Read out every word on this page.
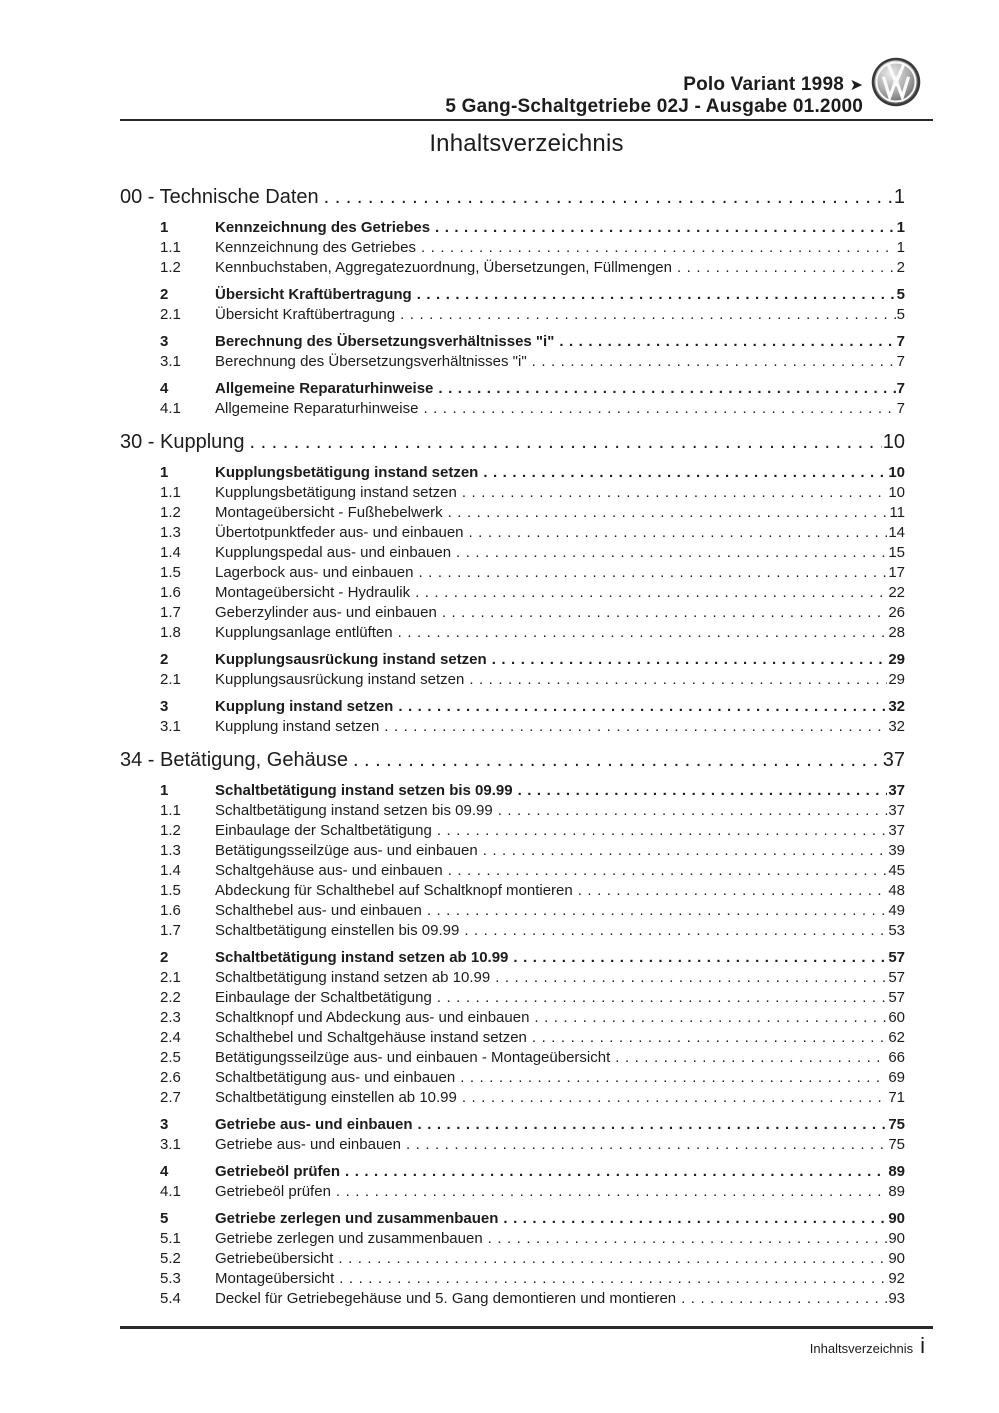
Polo Variant 1998 ➤
5 Gang-Schaltgetriebe 02J - Ausgabe 01.2000
Inhaltsverzeichnis
00 - Technische Daten .....	1
1	Kennzeichnung des Getriebes .....	1
1.1	Kennzeichnung des Getriebes .....	1
1.2	Kennbuchstaben, Aggregatezuordnung, Übersetzungen, Füllmengen .....	2
2	Übersicht Kraftübertragung .....	5
2.1	Übersicht Kraftübertragung .....	5
3	Berechnung des Übersetzungsverhältnisses "i" .....	7
3.1	Berechnung des Übersetzungsverhältnisses "i" .....	7
4	Allgemeine Reparaturhinweise .....	7
4.1	Allgemeine Reparaturhinweise .....	7
30 - Kupplung .....	10
1	Kupplungsbetätigung instand setzen .....	10
1.1	Kupplungsbetätigung instand setzen .....	10
1.2	Montageübersicht - Fußhebelwerk .....	11
1.3	Übertotpunktfeder aus- und einbauen .....	14
1.4	Kupplungspedal aus- und einbauen .....	15
1.5	Lagerbock aus- und einbauen .....	17
1.6	Montageübersicht - Hydraulik .....	22
1.7	Geberzylinder aus- und einbauen .....	26
1.8	Kupplungsanlage entlüften .....	28
2	Kupplungsausrückung instand setzen .....	29
2.1	Kupplungsausrückung instand setzen .....	29
3	Kupplung instand setzen .....	32
3.1	Kupplung instand setzen .....	32
34 - Betätigung, Gehäuse .....	37
1	Schaltbetätigung instand setzen bis 09.99 .....	37
1.1	Schaltbetätigung instand setzen bis 09.99 .....	37
1.2	Einbaulage der Schaltbetätigung .....	37
1.3	Betätigungsseilzüge aus- und einbauen .....	39
1.4	Schaltgehäuse aus- und einbauen .....	45
1.5	Abdeckung für Schalthebel auf Schaltknopf montieren .....	48
1.6	Schalthebel aus- und einbauen .....	49
1.7	Schaltbetätigung einstellen bis 09.99 .....	53
2	Schaltbetätigung instand setzen ab 10.99 .....	57
2.1	Schaltbetätigung instand setzen ab 10.99 .....	57
2.2	Einbaulage der Schaltbetätigung .....	57
2.3	Schaltknopf und Abdeckung aus- und einbauen .....	60
2.4	Schalthebel und Schaltgehäuse instand setzen .....	62
2.5	Betätigungsseilzüge aus- und einbauen - Montageübersicht .....	66
2.6	Schaltbetätigung aus- und einbauen .....	69
2.7	Schaltbetätigung einstellen ab 10.99 .....	71
3	Getriebe aus- und einbauen .....	75
3.1	Getriebe aus- und einbauen .....	75
4	Getriebeöl prüfen .....	89
4.1	Getriebeöl prüfen .....	89
5	Getriebe zerlegen und zusammenbauen .....	90
5.1	Getriebe zerlegen und zusammenbauen .....	90
5.2	Getriebeübersicht .....	90
5.3	Montageübersicht .....	92
5.4	Deckel für Getriebegehäuse und 5. Gang demontieren und montieren .....	93
Inhaltsverzeichnis i
